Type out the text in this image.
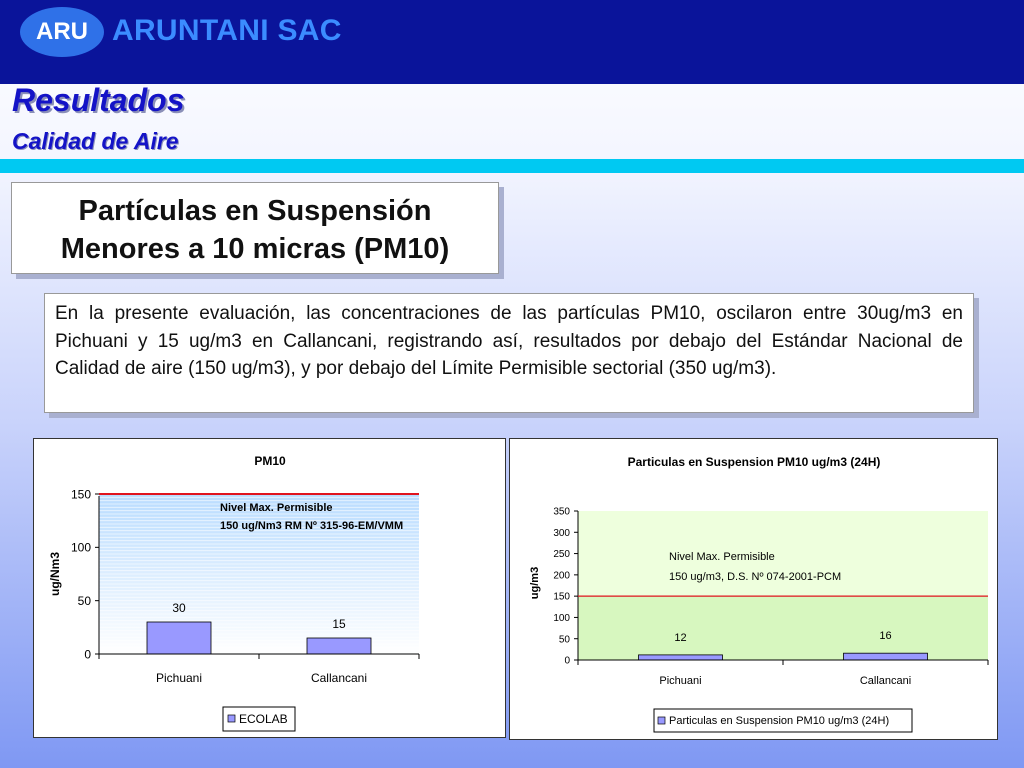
ARU ARUNTANI SAC
Resultados
Calidad de Aire
Partículas en Suspensión
Menores a 10 micras (PM10)
En la presente evaluación, las concentraciones de las partículas PM10, oscilaron entre 30ug/m3 en Pichuani y 15 ug/m3 en Callancani, registrando así, resultados por debajo del Estándar Nacional de Calidad de aire (150 ug/m3), y por debajo del Límite Permisible sectorial (350 ug/m3).
PM10
ug/Nm3
30
15
0
50
100
150
Pichuani	Callancani
Nivel Max. Permisible
150 ug/Nm3 RM Nº 315-96-EM/VMM
ECOLAB
Particulas en Suspension PM10 ug/m3 (24H)
ug/m3
12	16
0
50
100
150
200
250
300
350
Pichuani	Callancani
Nivel Max. Permisible
150 ug/m3, D.S. Nº 074-2001-PCM
Particulas en Suspension PM10 ug/m3 (24H)
